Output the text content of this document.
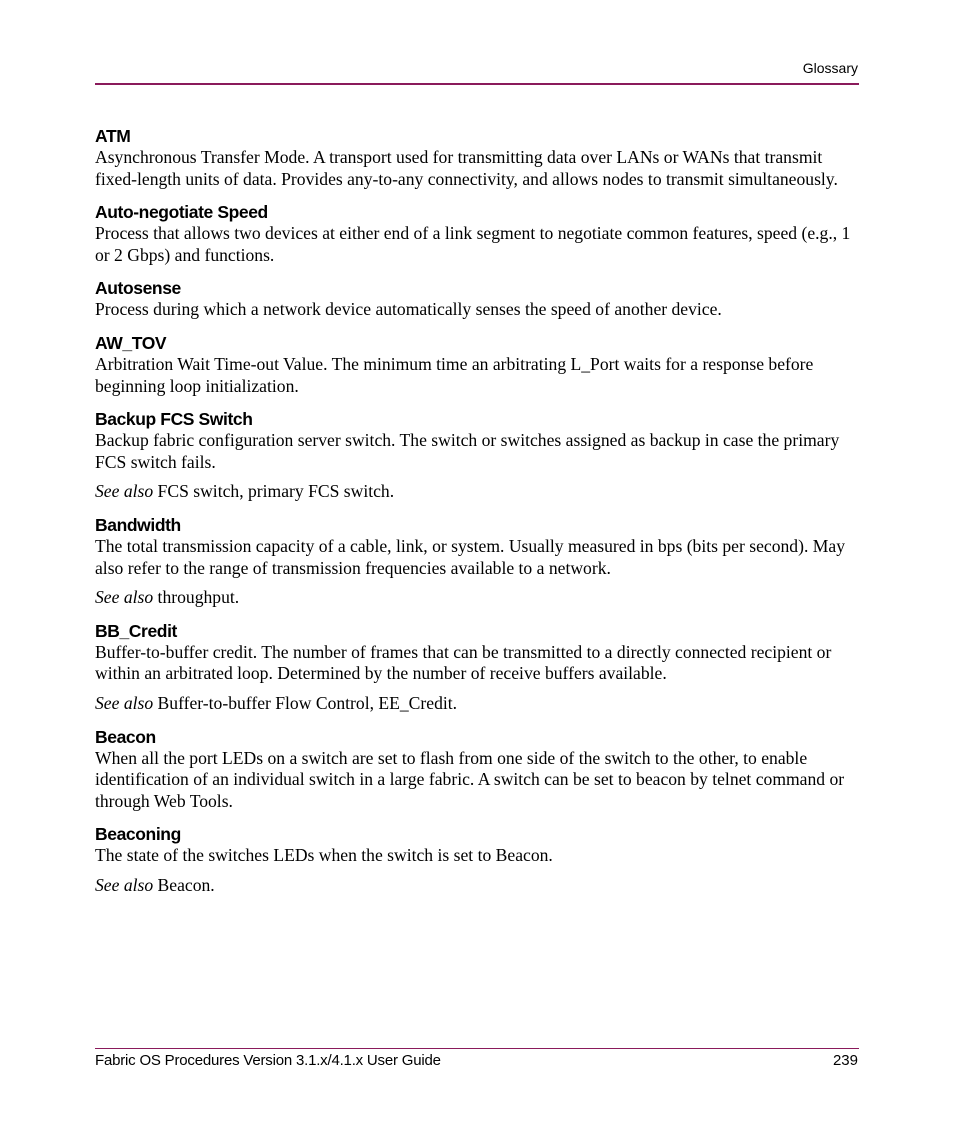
Glossary
ATM

Asynchronous Transfer Mode. A transport used for transmitting data over LANs or WANs that transmit fixed-length units of data. Provides any-to-any connectivity, and allows nodes to transmit simultaneously.

Auto-negotiate Speed

Process that allows two devices at either end of a link segment to negotiate common features, speed (e.g., 1 or 2 Gbps) and functions.

Autosense

Process during which a network device automatically senses the speed of another device.

AW_TOV

Arbitration Wait Time-out Value. The minimum time an arbitrating L_Port waits for a response before beginning loop initialization.

Backup FCS Switch

Backup fabric configuration server switch. The switch or switches assigned as backup in case the primary FCS switch fails.

See also FCS switch, primary FCS switch.

Bandwidth

The total transmission capacity of a cable, link, or system. Usually measured in bps (bits per second). May also refer to the range of transmission frequencies available to a network.

See also throughput.

BB_Credit

Buffer-to-buffer credit. The number of frames that can be transmitted to a directly connected recipient or within an arbitrated loop. Determined by the number of receive buffers available.

See also Buffer-to-buffer Flow Control, EE_Credit.

Beacon

When all the port LEDs on a switch are set to flash from one side of the switch to the other, to enable identification of an individual switch in a large fabric. A switch can be set to beacon by telnet command or through Web Tools.

Beaconing

The state of the switches LEDs when the switch is set to Beacon.

See also Beacon.

Fabric OS Procedures Version 3.1.x/4.1.x User Guide	239
